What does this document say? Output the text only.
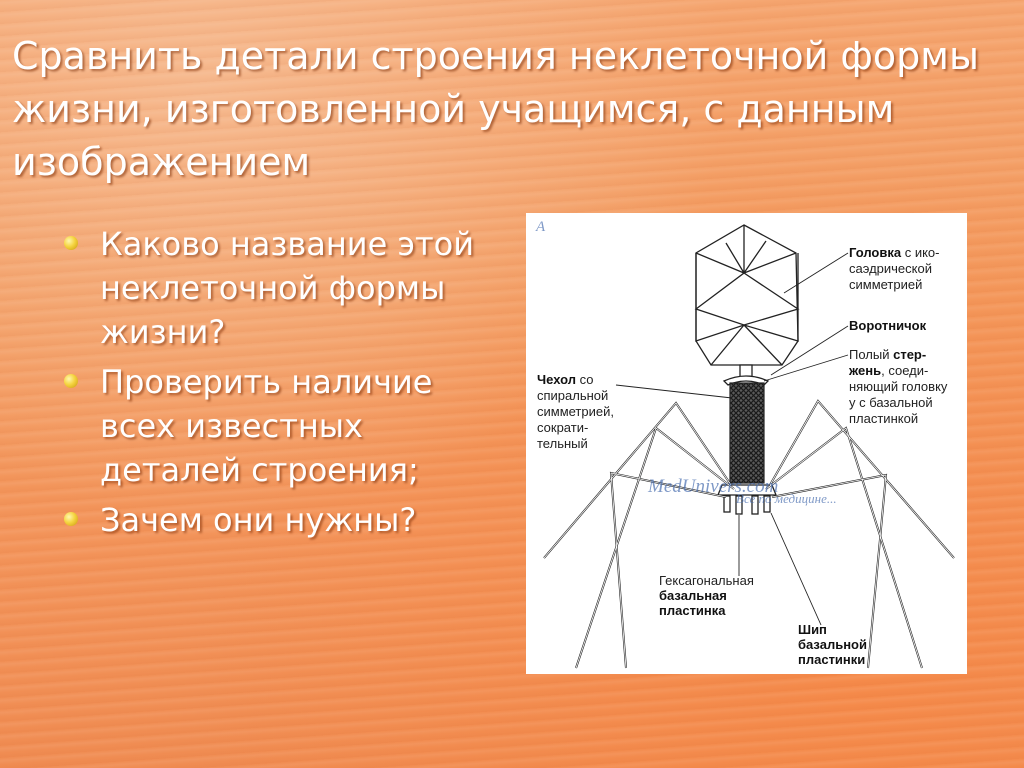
Сравнить детали строения неклеточной формы жизни, изготовленной учащимся, с данным изображением
Каково название этой неклеточной формы жизни?
Проверить наличие всех известных деталей строения;
Зачем они нужны?
А
Головка с ико-
саэдрической
симметрией
Воротничок
Полый стер-
жень, соеди-
няющий головку
у с базальной
пластинкой
Чехол со
спиральной
симметрией,
сократи-
тельный
Гексагональная
базальная
пластинка
Шип
базальной
пластинки
MedUnivers.com
Все по медицине...
